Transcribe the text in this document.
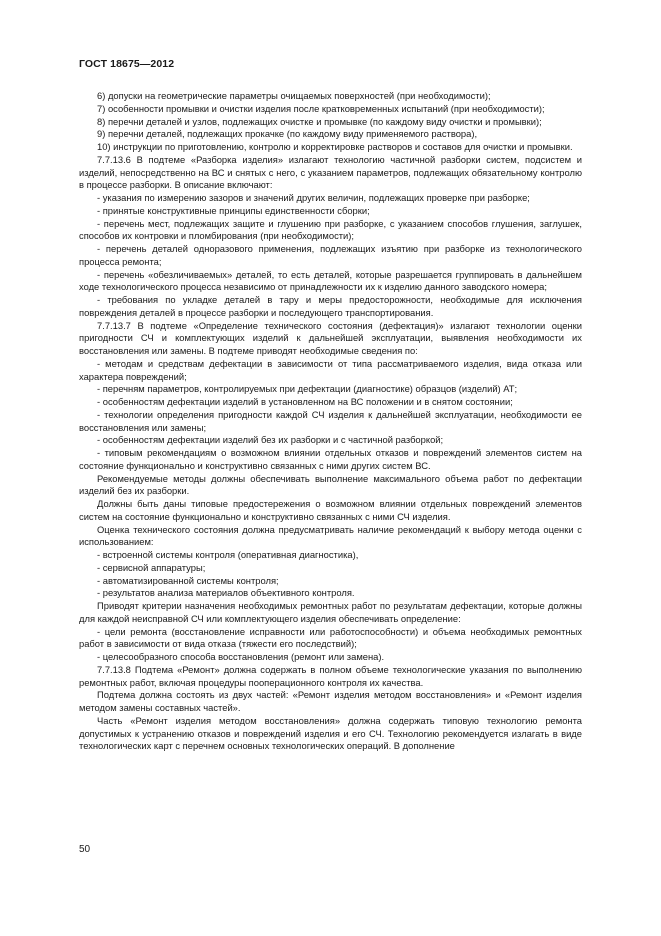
ГОСТ 18675—2012

6) допуски на геометрические параметры очищаемых поверхностей (при необходимости);

7) особенности промывки и очистки изделия после кратковременных испытаний (при необходимости);

8) перечни деталей и узлов, подлежащих очистке и промывке (по каждому виду очистки и промывки);

9) перечни деталей, подлежащих прокачке (по каждому виду применяемого раствора),

10) инструкции по приготовлению, контролю и корректировке растворов и составов для очистки и промывки.

7.7.13.6 В подтеме «Разборка изделия» излагают технологию частичной разборки систем, подсистем и изделий, непосредственно на ВС и снятых с него, с указанием параметров, подлежащих обязательному контролю в процессе разборки. В описание включают:

- указания по измерению зазоров и значений других величин, подлежащих проверке при разборке;

- принятые конструктивные принципы единственности сборки;

- перечень мест, подлежащих защите и глушению при разборке, с указанием способов глушения, заглушек, способов их контровки и пломбирования (при необходимости);

- перечень деталей одноразового применения, подлежащих изъятию при разборке из технологического процесса ремонта;

- перечень «обезличиваемых» деталей, то есть деталей, которые разрешается группировать в дальнейшем ходе технологического процесса независимо от принадлежности их к изделию данного заводского номера;

- требования по укладке деталей в тару и меры предосторожности, необходимые для исключения повреждения деталей в процессе разборки и последующего транспортирования.

7.7.13.7 В подтеме «Определение технического состояния (дефектация)» излагают технологии оценки пригодности СЧ и комплектующих изделий к дальнейшей эксплуатации, выявления необходимости их восстановления или замены. В подтеме приводят необходимые сведения по:

- методам и средствам дефектации в зависимости от типа рассматриваемого изделия, вида отказа или характера повреждений;

- перечням параметров, контролируемых при дефектации (диагностике) образцов (изделий) АТ;

- особенностям дефектации изделий в установленном на ВС положении и в снятом состоянии;

- технологии определения пригодности каждой СЧ изделия к дальнейшей эксплуатации, необходимости ее восстановления или замены;

- особенностям дефектации изделий без их разборки и с частичной разборкой;

- типовым рекомендациям о возможном влиянии отдельных отказов и повреждений элементов систем на состояние функционально и конструктивно связанных с ними других систем ВС.

Рекомендуемые методы должны обеспечивать выполнение максимального объема работ по дефектации изделий без их разборки.

Должны быть даны типовые предостережения о возможном влиянии отдельных повреждений элементов систем на состояние функционально и конструктивно связанных с ними СЧ изделия.

Оценка технического состояния должна предусматривать наличие рекомендаций к выбору метода оценки с использованием:

- встроенной системы контроля (оперативная диагностика),

- сервисной аппаратуры;

- автоматизированной системы контроля;

- результатов анализа материалов объективного контроля.

Приводят критерии назначения необходимых ремонтных работ по результатам дефектации, которые должны для каждой неисправной СЧ или комплектующего изделия обеспечивать определение:

- цели ремонта (восстановление исправности или работоспособности) и объема необходимых ремонтных работ в зависимости от вида отказа (тяжести его последствий);

- целесообразного способа восстановления (ремонт или замена).

7.7.13.8 Подтема «Ремонт» должна содержать в полном объеме технологические указания по выполнению ремонтных работ, включая процедуры пооперационного контроля их качества.

Подтема должна состоять из двух частей: «Ремонт изделия методом восстановления» и «Ремонт изделия методом замены составных частей».

Часть «Ремонт изделия методом восстановления» должна содержать типовую технологию ремонта допустимых к устранению отказов и повреждений изделия и его СЧ. Технологию рекомендуется излагать в виде технологических карт с перечнем основных технологических операций. В дополнение

50
